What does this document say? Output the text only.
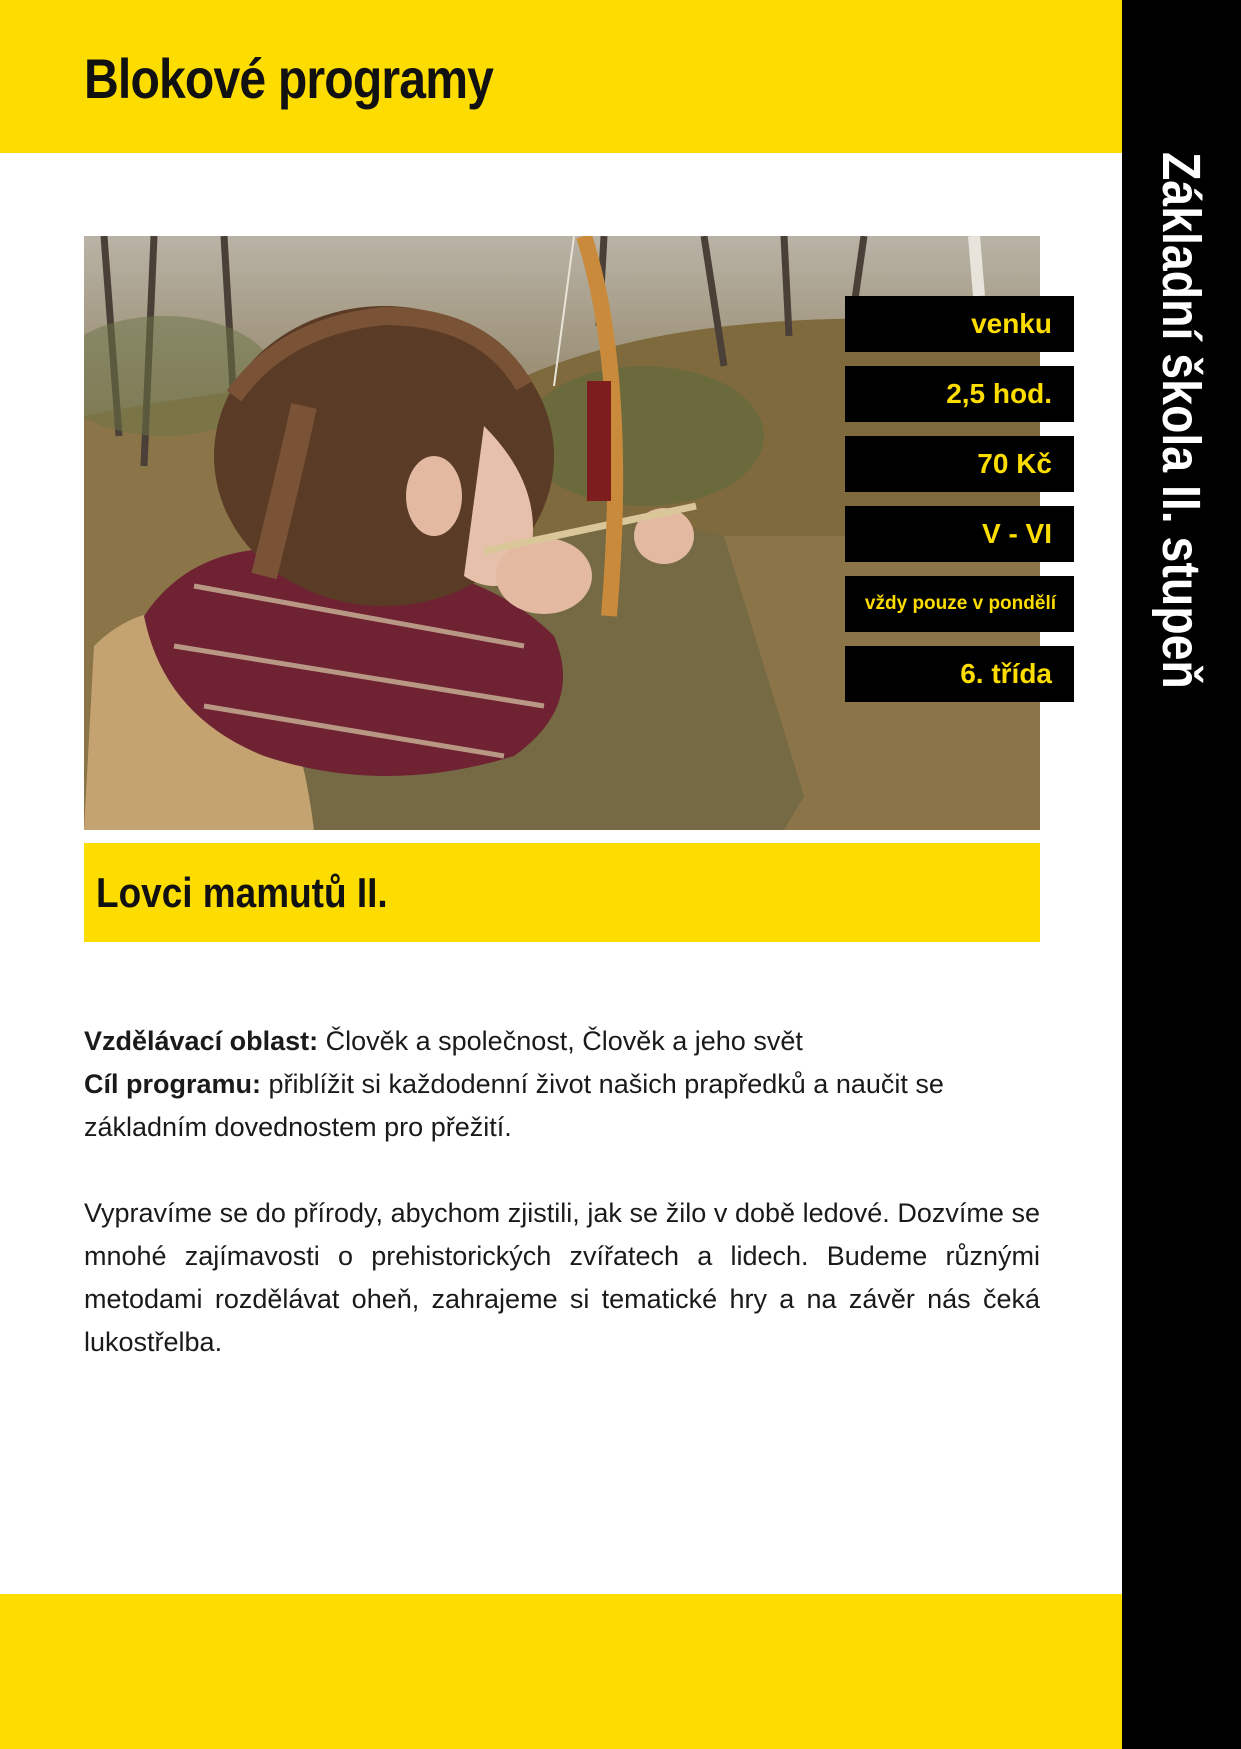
Blokové programy
Základní škola II. stupeň
venku
2,5 hod.
70 Kč
V - VI
vždy pouze v pondělí
6. třída
Lovci mamutů II.

Vzdělávací oblast: Člověk a společnost, Člověk a jeho svět

Cíl programu: přiblížit si každodenní život našich prapředků a naučit se základním dovednostem pro přežití.

Vypravíme se do přírody, abychom zjistili, jak se žilo v době ledové. Dozvíme se mnohé zajímavosti o prehistorických zvířatech a lidech. Budeme různými metodami rozdělávat oheň, zahrajeme si tematické hry a na závěr nás čeká lukostřelba.
